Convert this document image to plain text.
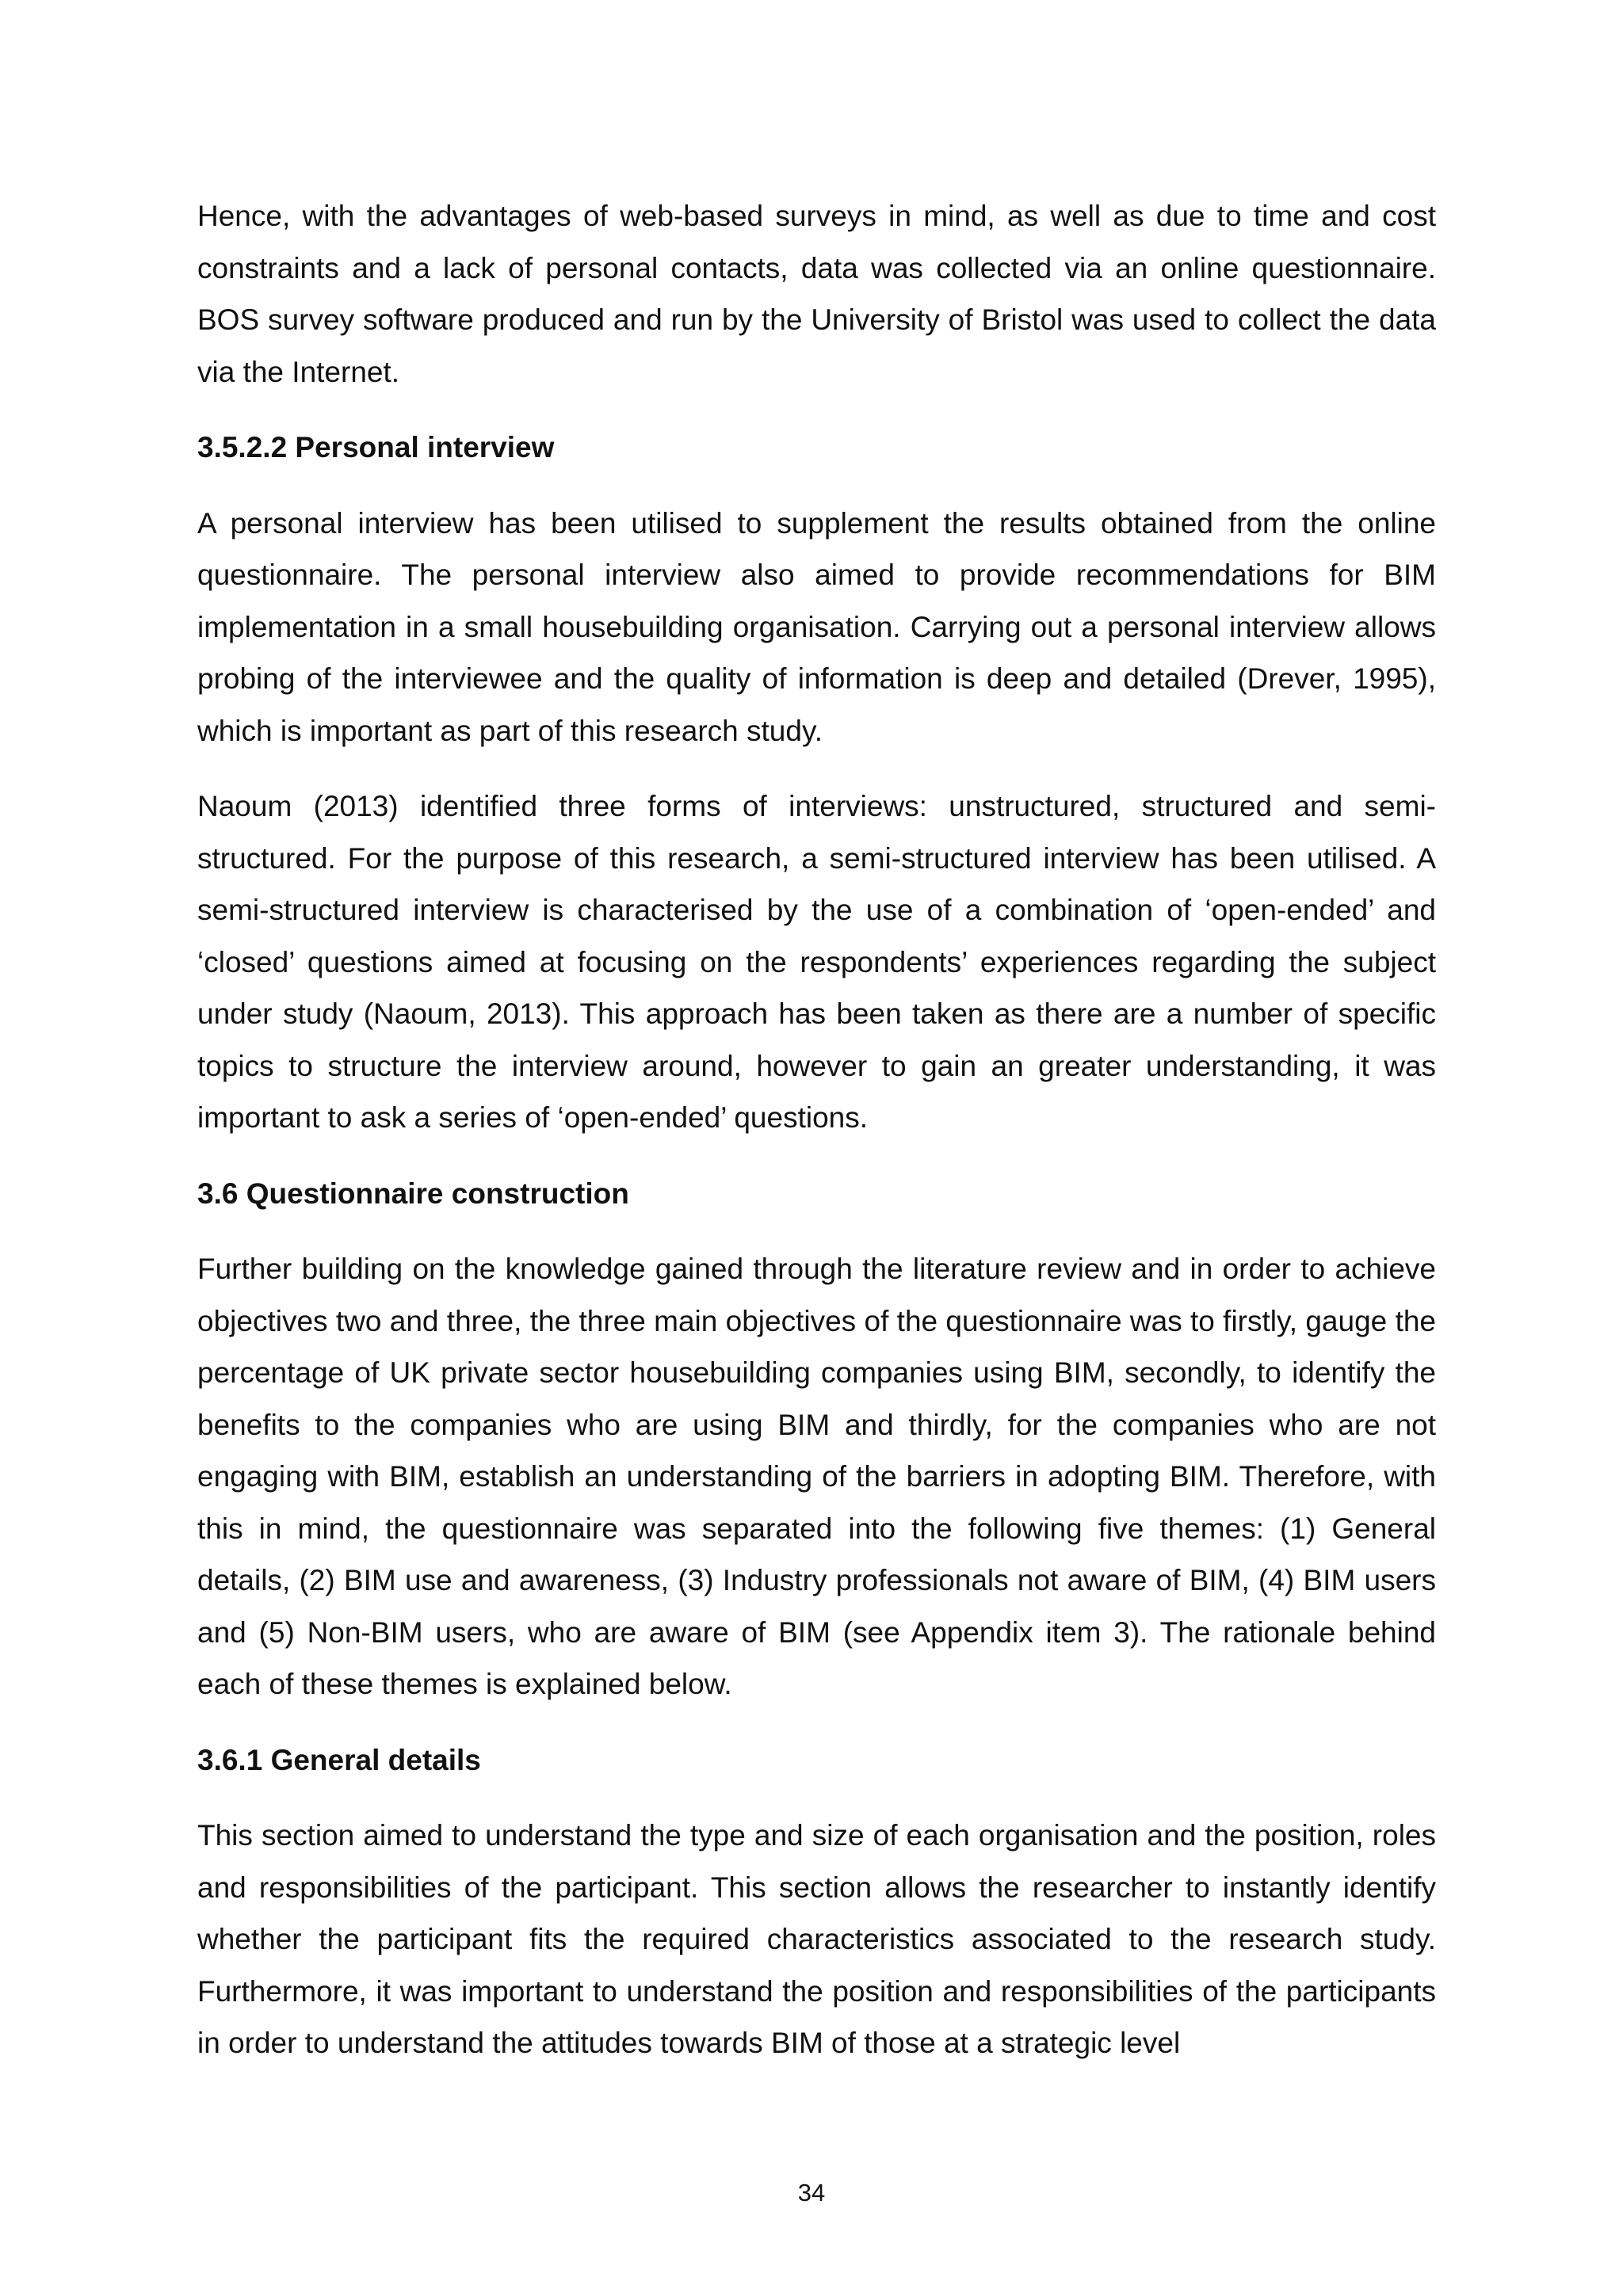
Hence, with the advantages of web-based surveys in mind, as well as due to time and cost constraints and a lack of personal contacts, data was collected via an online questionnaire. BOS survey software produced and run by the University of Bristol was used to collect the data via the Internet.

3.5.2.2 Personal interview

A personal interview has been utilised to supplement the results obtained from the online questionnaire. The personal interview also aimed to provide recommendations for BIM implementation in a small housebuilding organisation. Carrying out a personal interview allows probing of the interviewee and the quality of information is deep and detailed (Drever, 1995), which is important as part of this research study.

Naoum (2013) identified three forms of interviews: unstructured, structured and semi-structured. For the purpose of this research, a semi-structured interview has been utilised. A semi-structured interview is characterised by the use of a combination of ‘open-ended’ and ‘closed’ questions aimed at focusing on the respondents’ experiences regarding the subject under study (Naoum, 2013). This approach has been taken as there are a number of specific topics to structure the interview around, however to gain an greater understanding, it was important to ask a series of ‘open-ended’ questions.

3.6 Questionnaire construction

Further building on the knowledge gained through the literature review and in order to achieve objectives two and three, the three main objectives of the questionnaire was to firstly, gauge the percentage of UK private sector housebuilding companies using BIM, secondly, to identify the benefits to the companies who are using BIM and thirdly, for the companies who are not engaging with BIM, establish an understanding of the barriers in adopting BIM. Therefore, with this in mind, the questionnaire was separated into the following five themes: (1) General details, (2) BIM use and awareness, (3) Industry professionals not aware of BIM, (4) BIM users and (5) Non-BIM users, who are aware of BIM (see Appendix item 3). The rationale behind each of these themes is explained below.

3.6.1 General details

This section aimed to understand the type and size of each organisation and the position, roles and responsibilities of the participant. This section allows the researcher to instantly identify whether the participant fits the required characteristics associated to the research study. Furthermore, it was important to understand the position and responsibilities of the participants in order to understand the attitudes towards BIM of those at a strategic level

34
